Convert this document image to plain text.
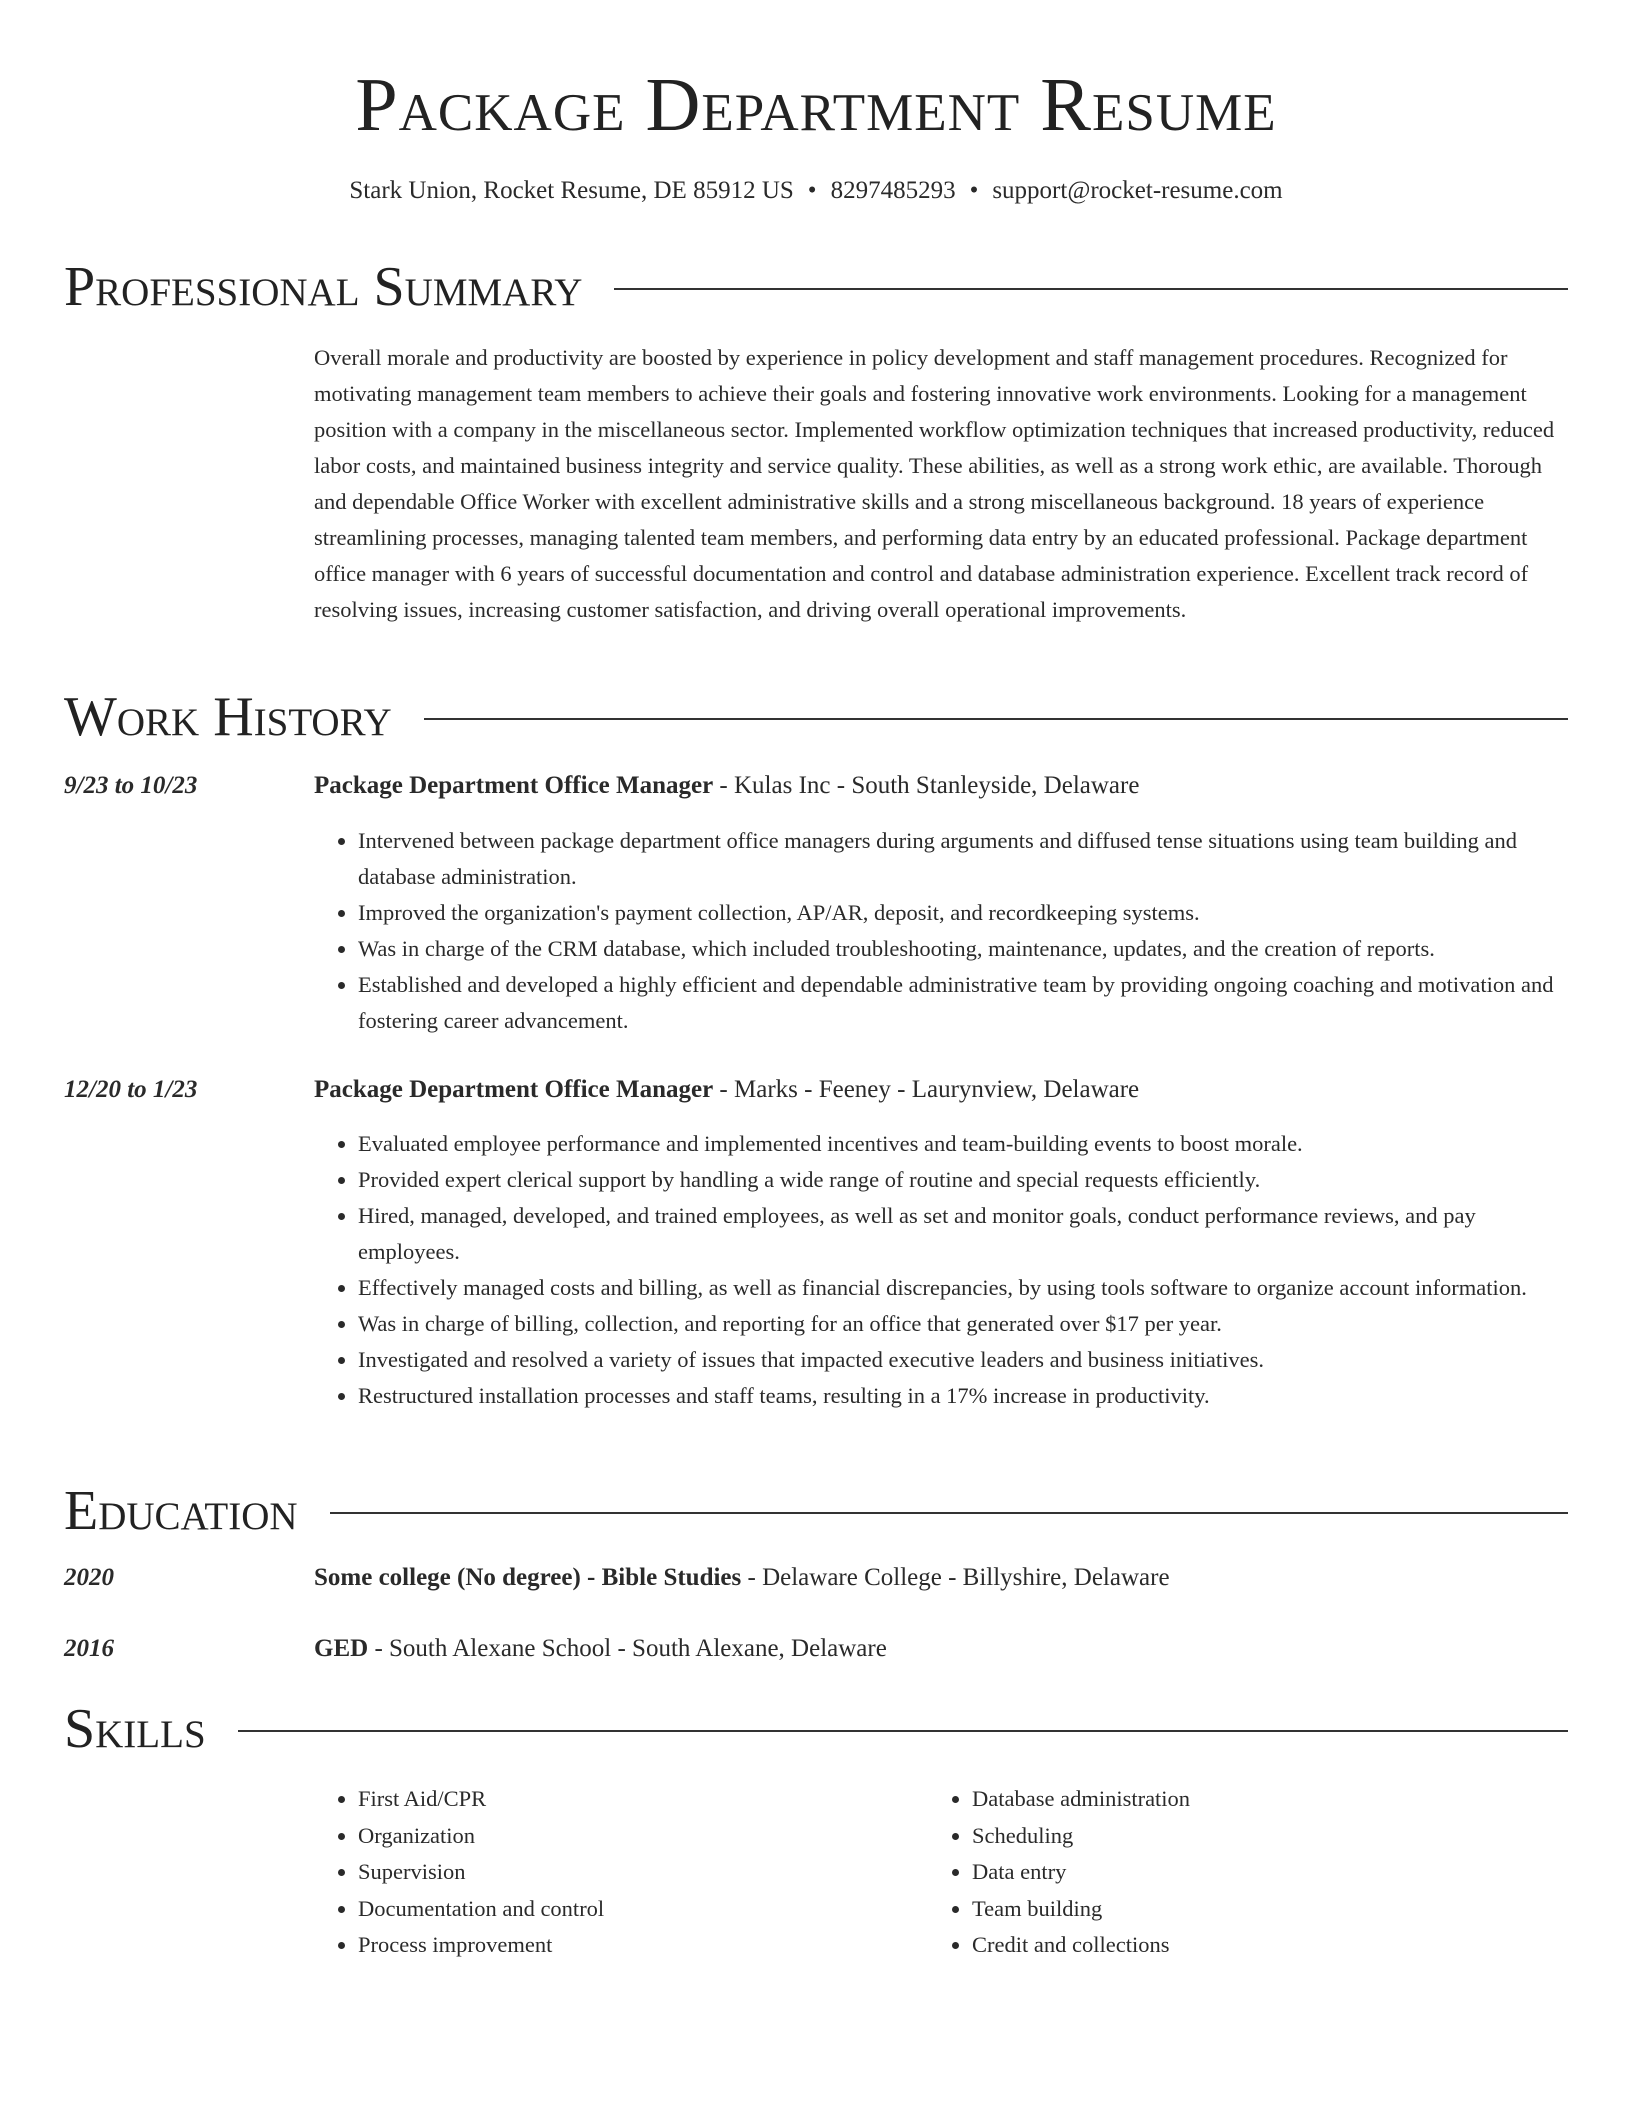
Package Department Resume
Stark Union, Rocket Resume, DE 85912 US • 8297485293 • support@rocket-resume.com
Professional Summary

Overall morale and productivity are boosted by experience in policy development and staff management procedures. Recognized for motivating management team members to achieve their goals and fostering innovative work environments. Looking for a management position with a company in the miscellaneous sector. Implemented workflow optimization techniques that increased productivity, reduced labor costs, and maintained business integrity and service quality. These abilities, as well as a strong work ethic, are available. Thorough and dependable Office Worker with excellent administrative skills and a strong miscellaneous background. 18 years of experience streamlining processes, managing talented team members, and performing data entry by an educated professional. Package department office manager with 6 years of successful documentation and control and database administration experience. Excellent track record of resolving issues, increasing customer satisfaction, and driving overall operational improvements.

Work History
9/23 to 10/23	Package Department Office Manager - Kulas Inc - South Stanleyside, Delaware
• Intervened between package department office managers during arguments and diffused tense situations using team building and database administration.
• Improved the organization's payment collection, AP/AR, deposit, and recordkeeping systems.
• Was in charge of the CRM database, which included troubleshooting, maintenance, updates, and the creation of reports.
• Established and developed a highly efficient and dependable administrative team by providing ongoing coaching and motivation and fostering career advancement.
12/20 to 1/23	Package Department Office Manager - Marks - Feeney - Laurynview, Delaware
• Evaluated employee performance and implemented incentives and team-building events to boost morale.
• Provided expert clerical support by handling a wide range of routine and special requests efficiently.
• Hired, managed, developed, and trained employees, as well as set and monitor goals, conduct performance reviews, and pay employees.
• Effectively managed costs and billing, as well as financial discrepancies, by using tools software to organize account information.
• Was in charge of billing, collection, and reporting for an office that generated over $17 per year.
• Investigated and resolved a variety of issues that impacted executive leaders and business initiatives.
• Restructured installation processes and staff teams, resulting in a 17% increase in productivity.
Education
2020	Some college (No degree) - Bible Studies - Delaware College - Billyshire, Delaware
2016	GED - South Alexane School - South Alexane, Delaware
Skills
• First Aid/CPR
• Organization
• Supervision
• Documentation and control
• Process improvement
• Database administration
• Scheduling
• Data entry
• Team building
• Credit and collections
